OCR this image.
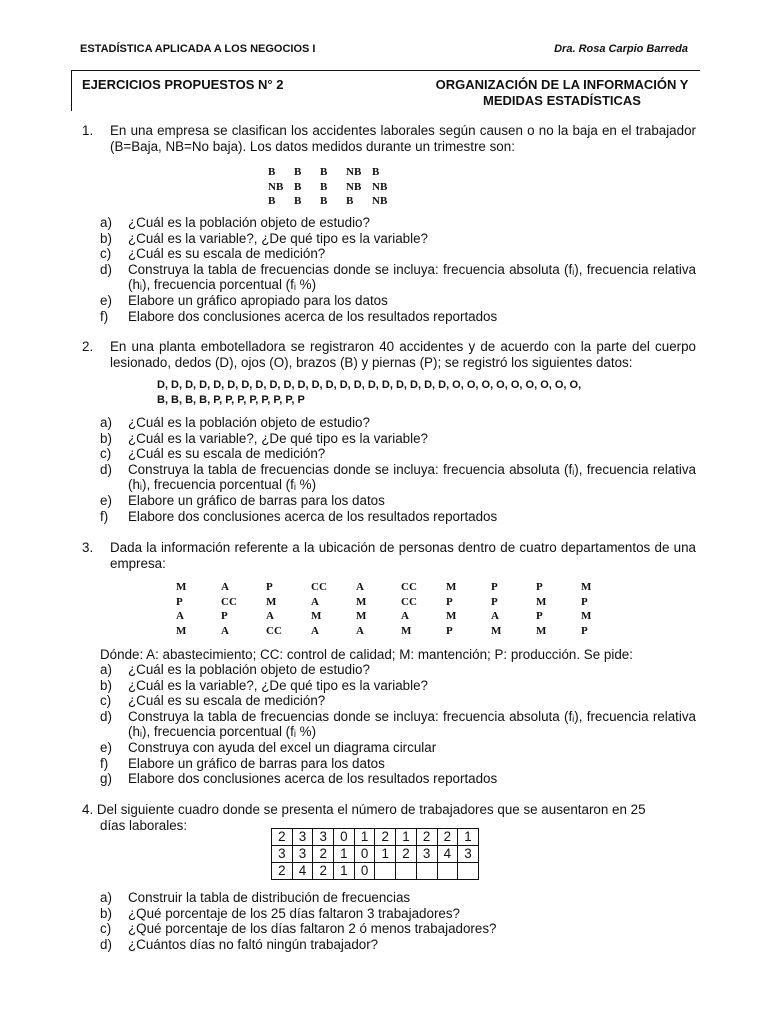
ESTADÍSTICA APLICADA A LOS NEGOCIOS I	Dra. Rosa Carpio Barreda
EJERCICIOS PROPUESTOS N° 2	ORGANIZACIÓN DE LA INFORMACIÓN Y
MEDIDAS ESTADÍSTICAS
1. En una empresa se clasifican los accidentes laborales según causen o no la baja en el trabajador (B=Baja, NB=No baja). Los datos medidos durante un trimestre son:
B B B NB B
NB B B NB NB
B B B B NB
a) ¿Cuál es la población objeto de estudio?
b) ¿Cuál es la variable?, ¿De qué tipo es la variable?
c) ¿Cuál es su escala de medición?
d) Construya la tabla de frecuencias donde se incluya: frecuencia absoluta (fᵢ), frecuencia relativa (hᵢ), frecuencia porcentual (fᵢ %)
e) Elabore un gráfico apropiado para los datos
f) Elabore dos conclusiones acerca de los resultados reportados
2. En una planta embotelladora se registraron 40 accidentes y de acuerdo con la parte del cuerpo lesionado, dedos (D), ojos (O), brazos (B) y piernas (P); se registró los siguientes datos:
D, D, D, D, D, D, D, D, D, D, D, D, D, D, D, D, D, D, D, D, D, O, O, O, O, O, O, O, O, O,
B, B, B, B, P, P, P, P, P, P, P, P
a) ¿Cuál es la población objeto de estudio?
b) ¿Cuál es la variable?, ¿De qué tipo es la variable?
c) ¿Cuál es su escala de medición?
d) Construya la tabla de frecuencias donde se incluya: frecuencia absoluta (fᵢ), frecuencia relativa (hᵢ), frecuencia porcentual (fᵢ %)
e) Elabore un gráfico de barras para los datos
f) Elabore dos conclusiones acerca de los resultados reportados
3. Dada la información referente a la ubicación de personas dentro de cuatro departamentos de una empresa:
M	A	P	CC	A	CC	M	P	P	M
P	CC	M	A	M	CC	P	P	M	P
A	P	A	M	M	A	M	A	P	M
M	A	CC	A	A	M	P	M	M	P
Dónde: A: abastecimiento; CC: control de calidad; M: mantención; P: producción. Se pide:
a) ¿Cuál es la población objeto de estudio?
b) ¿Cuál es la variable?, ¿De qué tipo es la variable?
c) ¿Cuál es su escala de medición?
d) Construya la tabla de frecuencias donde se incluya: frecuencia absoluta (fᵢ), frecuencia relativa (hᵢ), frecuencia porcentual (fᵢ %)
e) Construya con ayuda del excel un diagrama circular
f) Elabore un gráfico de barras para los datos
g) Elabore dos conclusiones acerca de los resultados reportados
4. Del siguiente cuadro donde se presenta el número de trabajadores que se ausentaron en 25
días laborales:
2	3	3	0	1	2	1	2	2	1
3	3	2	1	0	1	2	3	4	3
2	4	2	1	0					
a) Construir la tabla de distribución de frecuencias
b) ¿Qué porcentaje de los 25 días faltaron 3 trabajadores?
c) ¿Qué porcentaje de los días faltaron 2 ó menos trabajadores?
d) ¿Cuántos días no faltó ningún trabajador?
